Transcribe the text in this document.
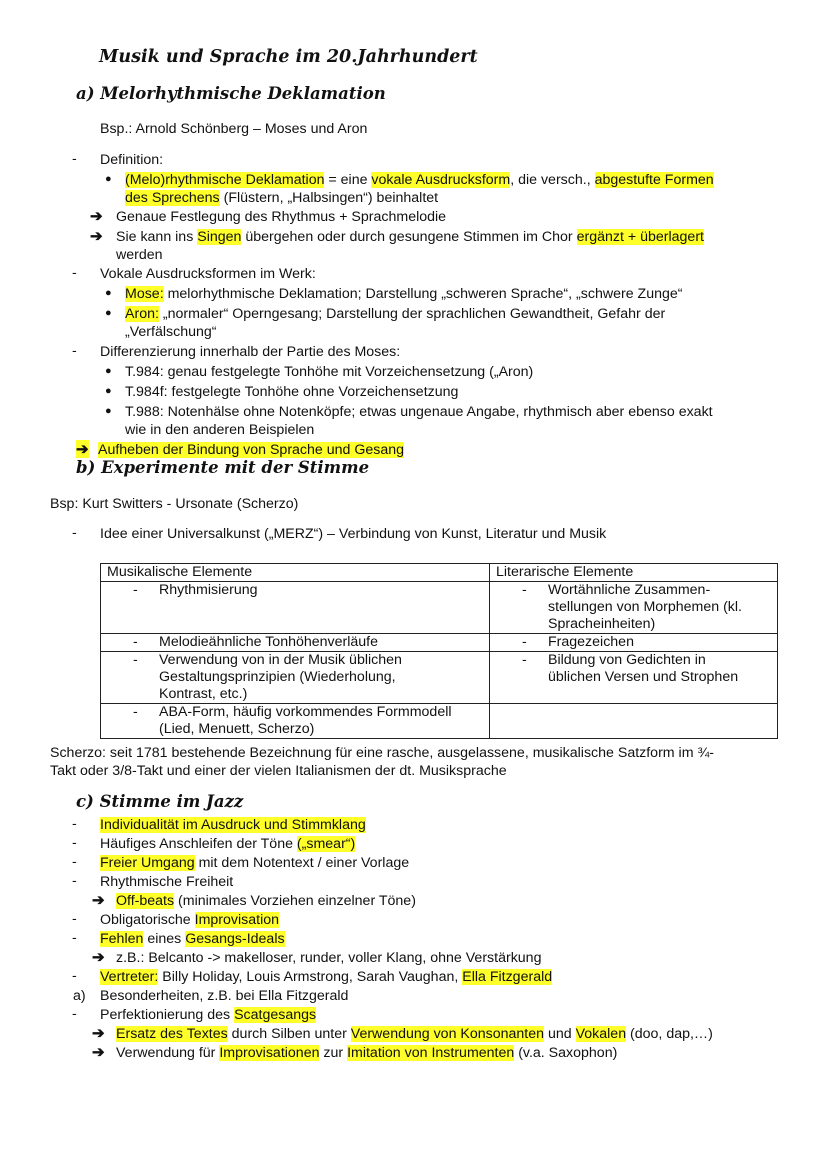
Musik und Sprache im 20.Jahrhundert
a) Melorhythmische Deklamation
Bsp.: Arnold Schönberg – Moses und Aron
- Definition:
● (Melo)rhythmische Deklamation = eine vokale Ausdrucksform, die versch., abgestufte Formen
des Sprechens (Flüstern, „Halbsingen“) beinhaltet
➔ Genaue Festlegung des Rhythmus + Sprachmelodie
➔ Sie kann ins Singen übergehen oder durch gesungene Stimmen im Chor ergänzt + überlagert
werden
- Vokale Ausdrucksformen im Werk:
● Mose: melorhythmische Deklamation; Darstellung „schweren Sprache“, „schwere Zunge“
● Aron: „normaler“ Operngesang; Darstellung der sprachlichen Gewandtheit, Gefahr der
„Verfälschung“
- Differenzierung innerhalb der Partie des Moses:
● T.984: genau festgelegte Tonhöhe mit Vorzeichensetzung („Aron)
● T.984f: festgelegte Tonhöhe ohne Vorzeichensetzung
● T.988: Notenhälse ohne Notenköpfe; etwas ungenaue Angabe, rhythmisch aber ebenso exakt
wie in den anderen Beispielen
➔ Aufheben der Bindung von Sprache und Gesang
b) Experimente mit der Stimme
Bsp: Kurt Switters - Ursonate (Scherzo)
- Idee einer Universalkunst („MERZ“) – Verbindung von Kunst, Literatur und Musik
Musikalische Elemente	Literarische Elemente

- Rhythmisierung	- Wortähnliche Zusammen-
stellungen von Morphemen (kl.
Spracheinheiten)

- Melodieähnliche Tonhöhenverläufe	- Fragezeichen

- Verwendung von in der Musik üblichen
Gestaltungsprinzipien (Wiederholung,
Kontrast, etc.)	- Bildung von Gedichten in
üblichen Versen und Strophen

- ABA-Form, häufig vorkommendes Formmodell
(Lied, Menuett, Scherzo)	

Scherzo: seit 1781 bestehende Bezeichnung für eine rasche, ausgelassene, musikalische Satzform im ¾-
Takt oder 3/8-Takt und einer der vielen Italianismen der dt. Musiksprache
c) Stimme im Jazz
- Individualität im Ausdruck und Stimmklang
- Häufiges Anschleifen der Töne („smear“)
- Freier Umgang mit dem Notentext / einer Vorlage
- Rhythmische Freiheit
➔ Off-beats (minimales Vorziehen einzelner Töne)
- Obligatorische Improvisation
- Fehlen eines Gesangs-Ideals
➔ z.B.: Belcanto -> makelloser, runder, voller Klang, ohne Verstärkung
- Vertreter: Billy Holiday, Louis Armstrong, Sarah Vaughan, Ella Fitzgerald
a) Besonderheiten, z.B. bei Ella Fitzgerald
- Perfektionierung des Scatgesangs
➔ Ersatz des Textes durch Silben unter Verwendung von Konsonanten und Vokalen (doo, dap,…)
➔ Verwendung für Improvisationen zur Imitation von Instrumenten (v.a. Saxophon)
